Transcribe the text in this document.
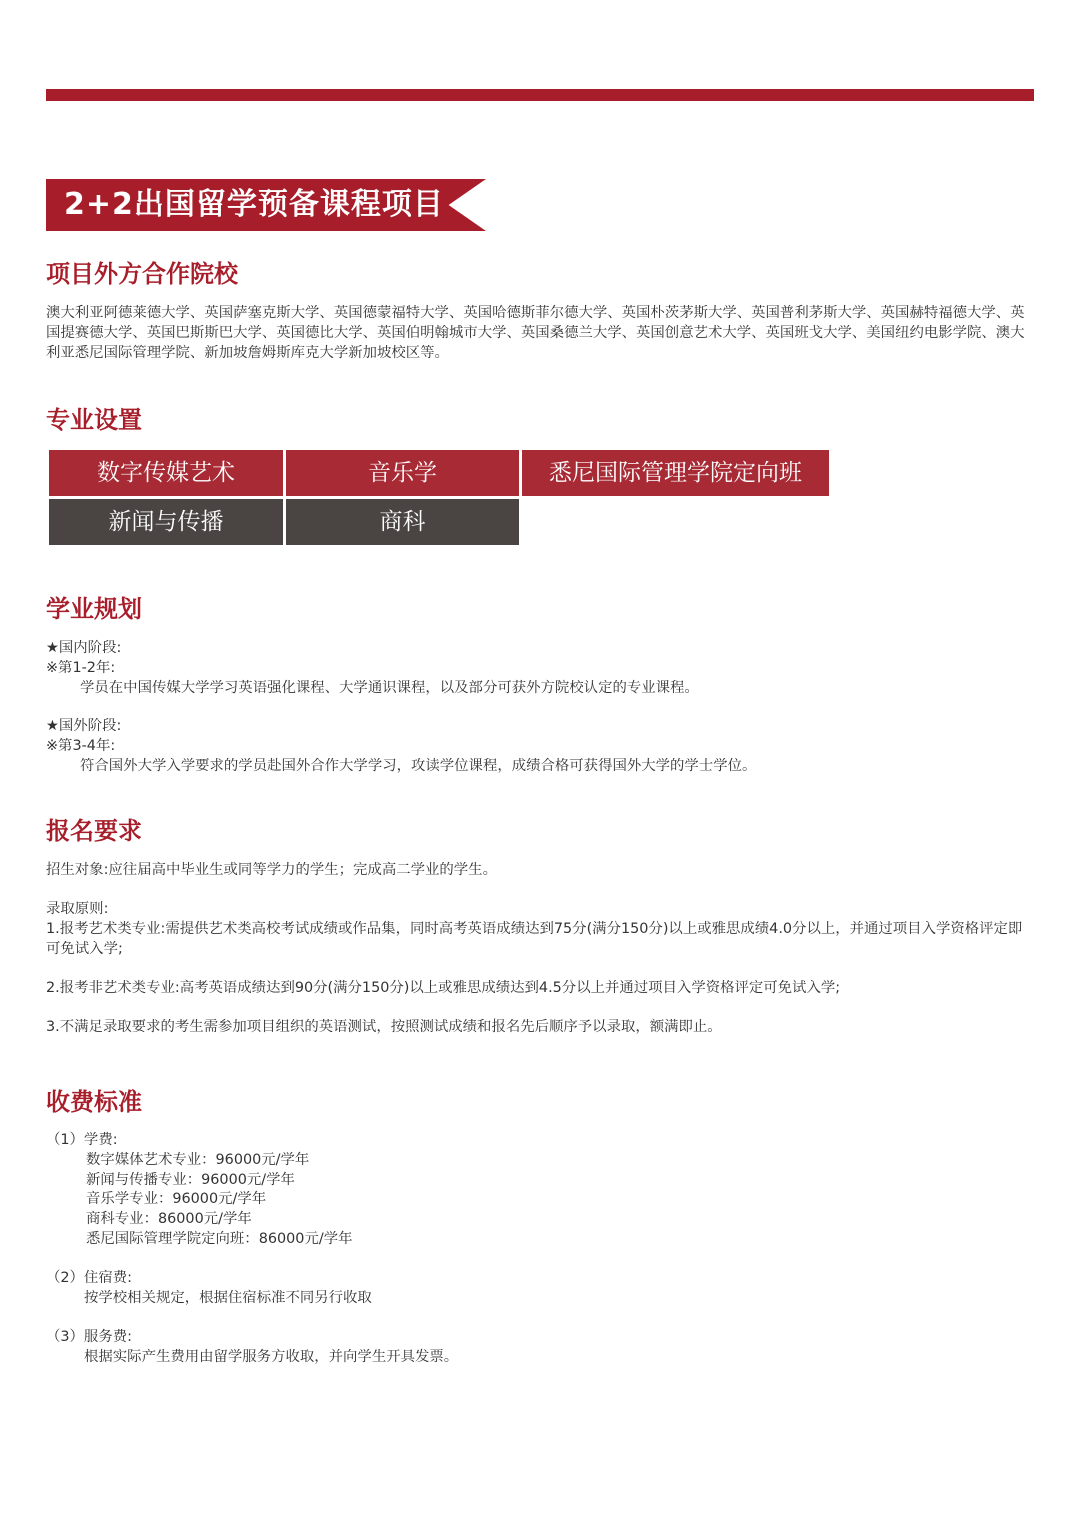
2+2出国留学预备课程项目
项目外方合作院校

澳大利亚阿德莱德大学、英国萨塞克斯大学、英国德蒙福特大学、英国哈德斯菲尔德大学、英国朴茨茅斯大学、英国普利茅斯大学、英国赫特福德大学、英国提赛德大学、英国巴斯斯巴大学、英国德比大学、英国伯明翰城市大学、英国桑德兰大学、英国创意艺术大学、英国班戈大学、美国纽约电影学院、澳大利亚悉尼国际管理学院、新加坡詹姆斯库克大学新加坡校区等。

专业设置
数字传媒艺术	音乐学	悉尼国际管理学院定向班
新闻与传播	商科
学业规划

★国内阶段:

※第1-2年:

学员在中国传媒大学学习英语强化课程、大学通识课程，以及部分可获外方院校认定的专业课程。

★国外阶段:

※第3-4年:

符合国外大学入学要求的学员赴国外合作大学学习，攻读学位课程，成绩合格可获得国外大学的学士学位。

报名要求

招生对象:应往届高中毕业生或同等学力的学生；完成高二学业的学生。

录取原则:

1.报考艺术类专业:需提供艺术类高校考试成绩或作品集，同时高考英语成绩达到75分(满分150分)以上或雅思成绩4.0分以上，并通过项目入学资格评定即可免试入学;

2.报考非艺术类专业:高考英语成绩达到90分(满分150分)以上或雅思成绩达到4.5分以上并通过项目入学资格评定可免试入学;

3.不满足录取要求的考生需参加项目组织的英语测试，按照测试成绩和报名先后顺序予以录取，额满即止。

收费标准

（1）学费:

数字媒体艺术专业：96000元/学年

新闻与传播专业：96000元/学年

音乐学专业：96000元/学年

商科专业：86000元/学年

悉尼国际管理学院定向班：86000元/学年

（2）住宿费:

按学校相关规定，根据住宿标准不同另行收取

（3）服务费:

根据实际产生费用由留学服务方收取，并向学生开具发票。
